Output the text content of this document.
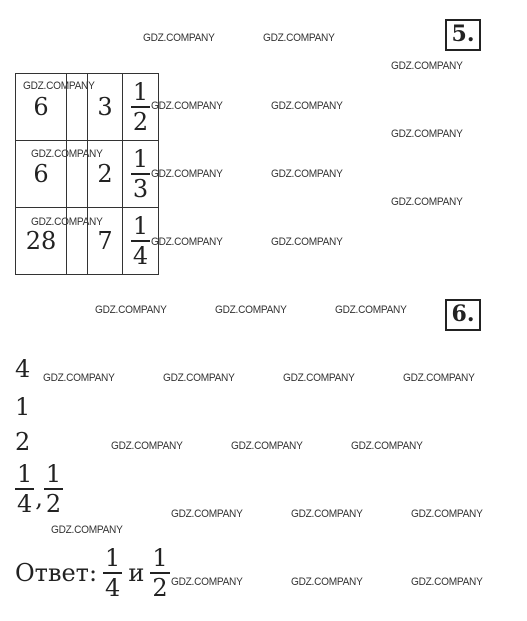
GDZ.COMPANY	GDZ.COMPANY
GDZ.COMPANY
GDZ.COMPANY
GDZ.COMPANY	GDZ.COMPANY
GDZ.COMPANY
GDZ.COMPANY
GDZ.COMPANY	GDZ.COMPANY
GDZ.COMPANY
GDZ.COMPANY
GDZ.COMPANY	GDZ.COMPANY
GDZ.COMPANY	GDZ.COMPANY	GDZ.COMPANY
GDZ.COMPANY	GDZ.COMPANY	GDZ.COMPANY	GDZ.COMPANY
GDZ.COMPANY	GDZ.COMPANY	GDZ.COMPANY
GDZ.COMPANY	GDZ.COMPANY	GDZ.COMPANY
GDZ.COMPANY
GDZ.COMPANY	GDZ.COMPANY	GDZ.COMPANY
5.
6.
6		3	$\frac{1}{2}$

6		2	$\frac{1}{3}$

28		7	$\frac{1}{4}$
4
1
2
$\frac{1}{4}$ , $\frac{1}{2}$
Ответ: $\frac{1}{4}$ и $\frac{1}{2}$
